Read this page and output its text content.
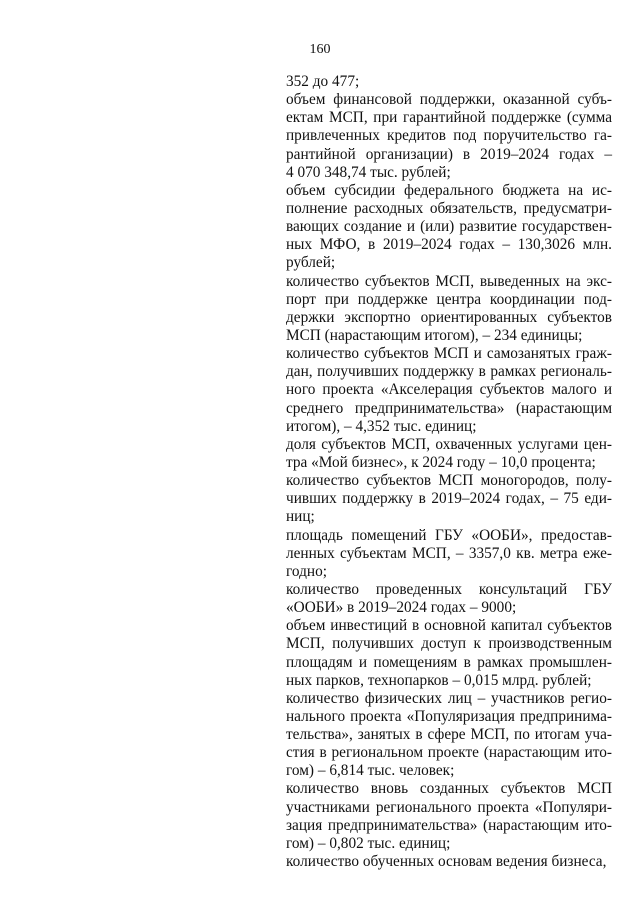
160
352 до 477;
объем финансовой поддержки, оказанной субъ-
ектам МСП, при гарантийной поддержке (сумма
привлеченных кредитов под поручительство га-
рантийной организации) в 2019–2024 годах –
4 070 348,74 тыс. рублей;
объем субсидии федерального бюджета на ис-
полнение расходных обязательств, предусматри-
вающих создание и (или) развитие государствен-
ных МФО, в 2019–2024 годах – 130,3026 млн.
рублей;
количество субъектов МСП, выведенных на экс-
порт при поддержке центра координации под-
держки экспортно ориентированных субъектов
МСП (нарастающим итогом), – 234 единицы;
количество субъектов МСП и самозанятых граж-
дан, получивших поддержку в рамках региональ-
ного проекта «Акселерация субъектов малого и
среднего предпринимательства» (нарастающим
итогом), – 4,352 тыс. единиц;
доля субъектов МСП, охваченных услугами цен-
тра «Мой бизнес», к 2024 году – 10,0 процента;
количество субъектов МСП моногородов, полу-
чивших поддержку в 2019–2024 годах, – 75 еди-
ниц;
площадь помещений ГБУ «ООБИ», предостав-
ленных субъектам МСП, – 3357,0 кв. метра еже-
годно;
количество проведенных консультаций ГБУ
«ООБИ» в 2019–2024 годах – 9000;
объем инвестиций в основной капитал субъектов
МСП, получивших доступ к производственным
площадям и помещениям в рамках промышлен-
ных парков, технопарков – 0,015 млрд. рублей;
количество физических лиц – участников регио-
нального проекта «Популяризация предпринима-
тельства», занятых в сфере МСП, по итогам уча-
стия в региональном проекте (нарастающим ито-
гом) – 6,814 тыс. человек;
количество вновь созданных субъектов МСП
участниками регионального проекта «Популяри-
зация предпринимательства» (нарастающим ито-
гом) – 0,802 тыс. единиц;
количество обученных основам ведения бизнеса,
